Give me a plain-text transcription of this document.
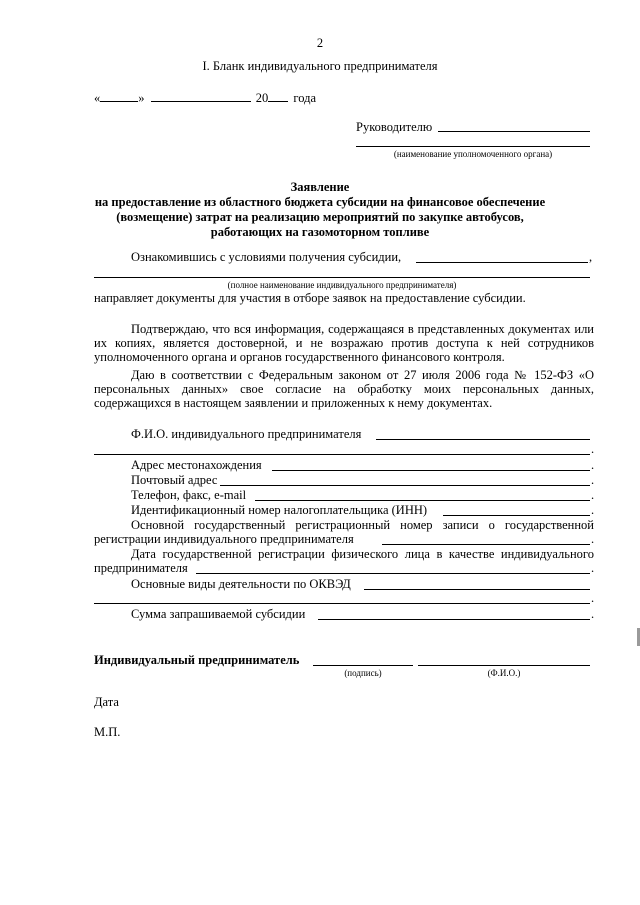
2
I. Бланк индивидуального предпринимателя
«	»	20 года
Руководителю
(наименование уполномоченного органа)
Заявление
на предоставление из областного бюджета субсидии на финансовое обеспечение
(возмещение) затрат на реализацию мероприятий по закупке автобусов,
работающих на газомоторном топливе
Ознакомившись с условиями получения субсидии,	,
(полное наименование индивидуального предпринимателя)
направляет документы для участия в отборе заявок на предоставление субсидии.
Подтверждаю, что вся информация, содержащаяся в представленных документах или их копиях, является достоверной, и не возражаю против доступа к ней сотрудников уполномоченного органа и органов государственного финансового контроля.
Даю в соответствии с Федеральным законом от 27 июля 2006 года № 152-ФЗ «О персональных данных» свое согласие на обработку моих персональных данных, содержащихся в настоящем заявлении и приложенных к нему документах.
Ф.И.О. индивидуального предпринимателя
.
Адрес местонахождения	.
Почтовый адрес	.
Телефон, факс, e-mail	.
Идентификационный номер налогоплательщика (ИНН)	.
Основной государственный регистрационный номер записи о государственной
регистрации индивидуального предпринимателя	.
Дата государственной регистрации физического лица в качестве индивидуального
предпринимателя	.
Основные виды деятельности по ОКВЭД
.
Сумма запрашиваемой субсидии	.
Индивидуальный предприниматель
(подпись)	(Ф.И.О.)
Дата
М.П.
